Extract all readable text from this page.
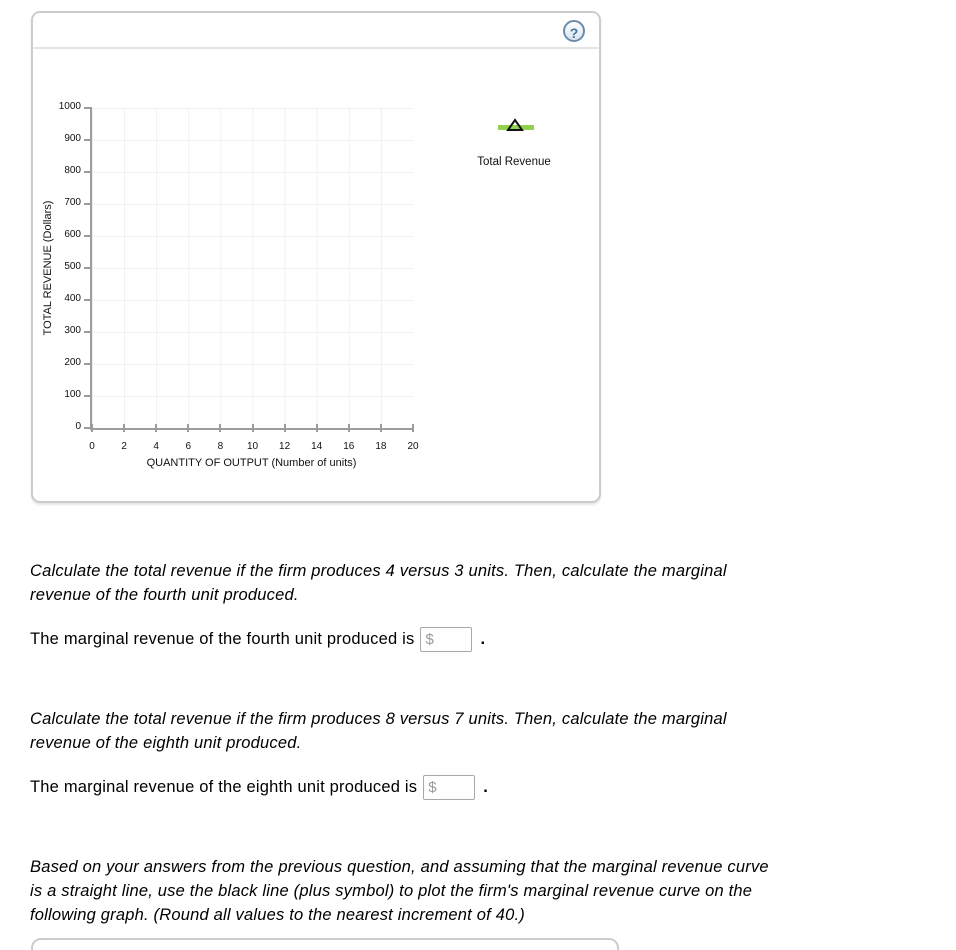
?
TOTAL REVENUE (Dollars)
QUANTITY OF OUTPUT (Number of units)
Total Revenue
0
100
200
300
400
500
600
700
800
900
1000
0	2	4	6	8	10	12	14	16	18	20
Calculate the total revenue if the firm produces 4 versus 3 units. Then, calculate the marginal
revenue of the fourth unit produced.
The marginal revenue of the fourth unit produced is
$	.
Calculate the total revenue if the firm produces 8 versus 7 units. Then, calculate the marginal
revenue of the eighth unit produced.
The marginal revenue of the eighth unit produced is
$	.
Based on your answers from the previous question, and assuming that the marginal revenue curve
is a straight line, use the black line (plus symbol) to plot the firm's marginal revenue curve on the
following graph. (Round all values to the nearest increment of 40.)
